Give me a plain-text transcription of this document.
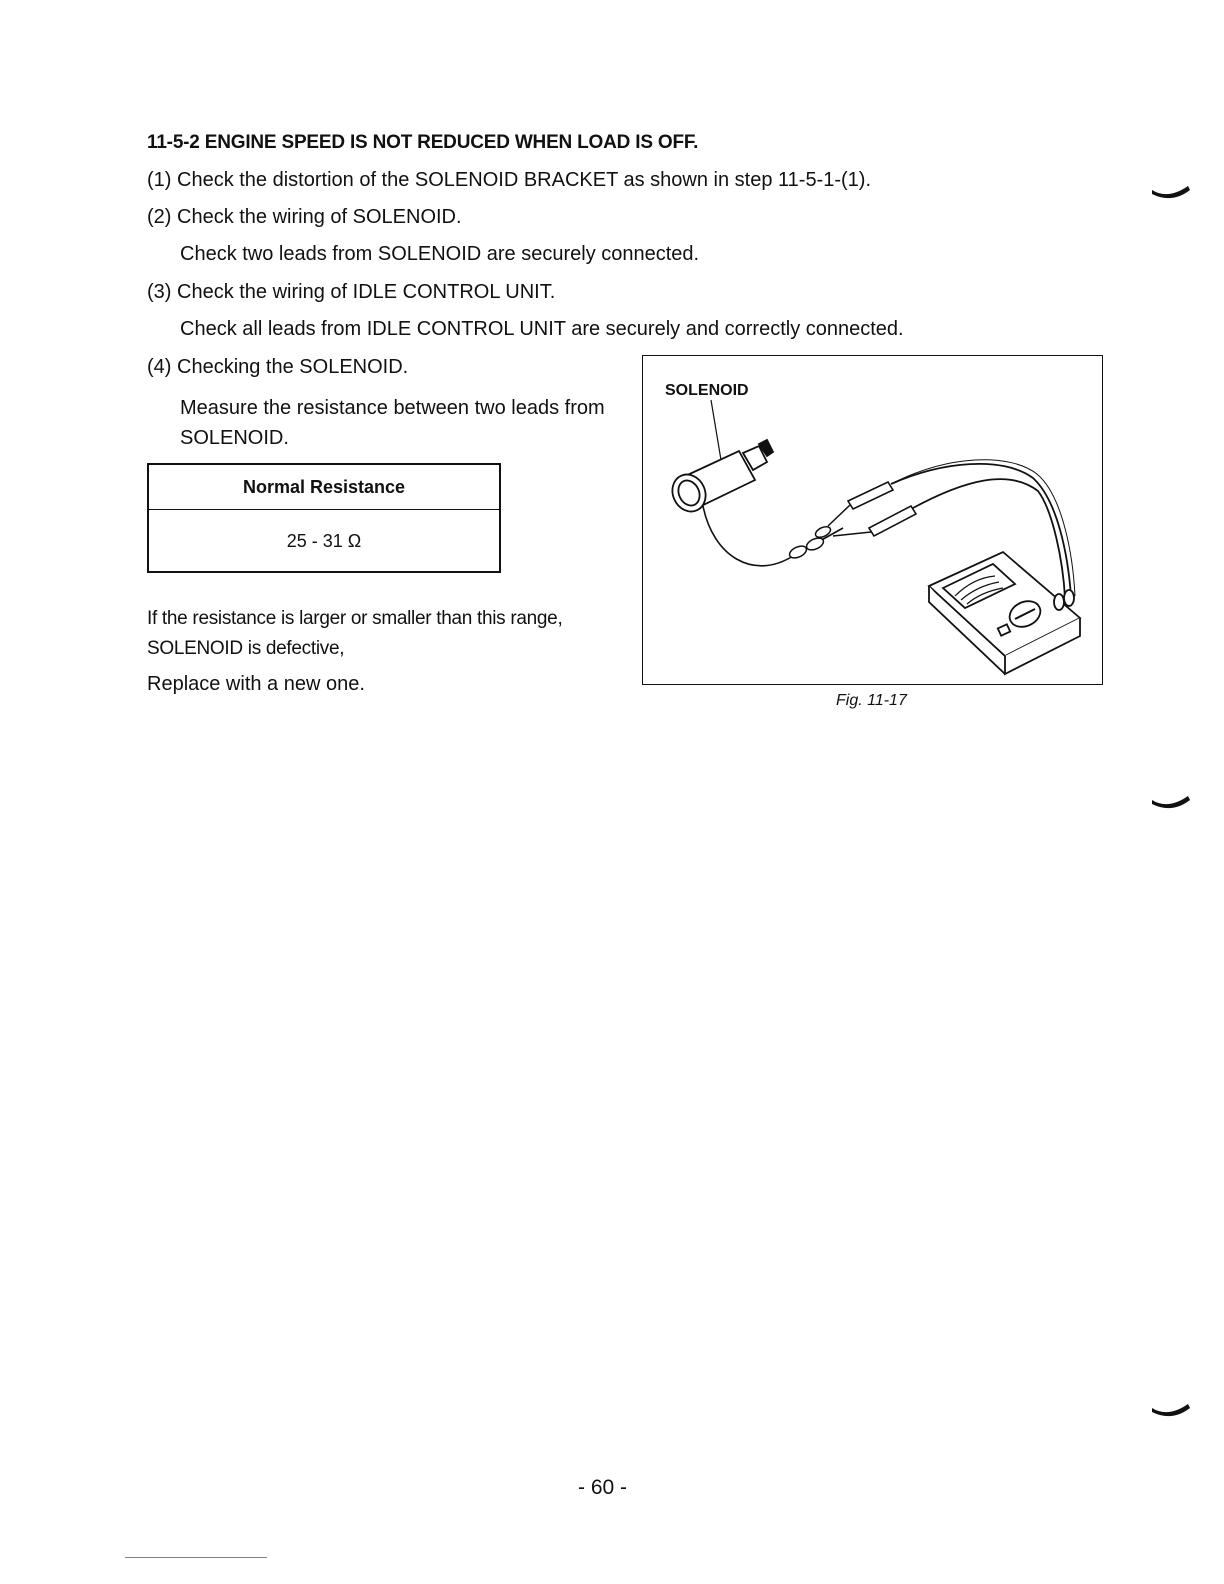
11-5-2 ENGINE SPEED IS NOT REDUCED WHEN LOAD IS OFF.
(1) Check the distortion of the SOLENOID BRACKET as shown in step 11-5-1-(1).
(2) Check the wiring of SOLENOID.
Check two leads from SOLENOID are securely connected.
(3) Check the wiring of IDLE CONTROL UNIT.
Check all leads from IDLE CONTROL UNIT are securely and correctly connected.
(4) Checking the SOLENOID.
Measure the resistance between two leads from SOLENOID.
Normal Resistance
25 - 31 Ω
If the resistance is larger or smaller than this range, SOLENOID is defective,
Replace with a new one.
SOLENOID
Fig. 11-17
- 60 -
